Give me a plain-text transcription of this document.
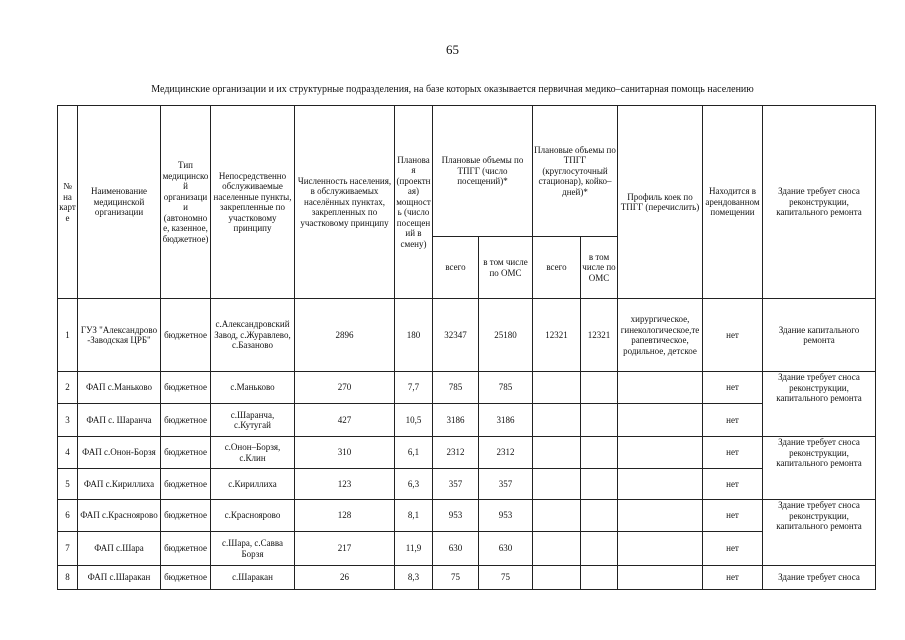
65
Медицинские организации и их структурные подразделения, на базе которых оказывается первичная медико–санитарная помощь населению
№ на карте	Наименование медицинской организации	Тип медицинской организации (автономное, казенное, бюджетное)	Непосредственно обслуживаемые населенные пункты, закрепленные по участковому принципу	Численность населения, в обслуживаемых населённых пунктах, закрепленных по участковому принципу	Плановая (проектная) мощность (число посещений в смену)	Плановые объемы по ТПГГ (число посещений)*		Плановые объемы по ТПГГ (круглосуточный стационар), койко–дней)*		Профиль коек по ТПГГ (перечислить)	Находится в арендованном помещении	Здание требует сноса реконструкции, капитального ремонта
						всего	в том числе по ОМС	всего	в том числе по ОМС			
1	ГУЗ "Александрово -Заводская ЦРБ"	бюджетное	с.Александровский Завод, с.Журавлево, с.Базаново	2896	180	32347	25180	12321	12321	хирургическое, гинекологическое,терапевтическое, родильное, детское	нет	Здание капитального ремонта
2	ФАП с.Маньково	бюджетное	с.Маньково	270	7,7	785	785				нет	Здание требует сноса реконструкции, капитального ремонта
3	ФАП с. Шаранча	бюджетное	с.Шаранча, с.Кутугай	427	10,5	3186	3186				нет	
4	ФАП с.Онон-Борзя	бюджетное	с.Онон–Борзя, с.Клин	310	6,1	2312	2312				нет	Здание требует сноса реконструкции, капитального ремонта
5	ФАП с.Кириллиха	бюджетное	с.Кириллиха	123	6,3	357	357				нет	
6	ФАП с.Красноярово	бюджетное	с.Красноярово	128	8,1	953	953				нет	Здание требует сноса реконструкции, капитального ремонта
7	ФАП с.Шара	бюджетное	с.Шара, с.Савва Борзя	217	11,9	630	630				нет	
8	ФАП с.Шаракан	бюджетное	с.Шаракан	26	8,3	75	75				нет	Здание требует сноса
